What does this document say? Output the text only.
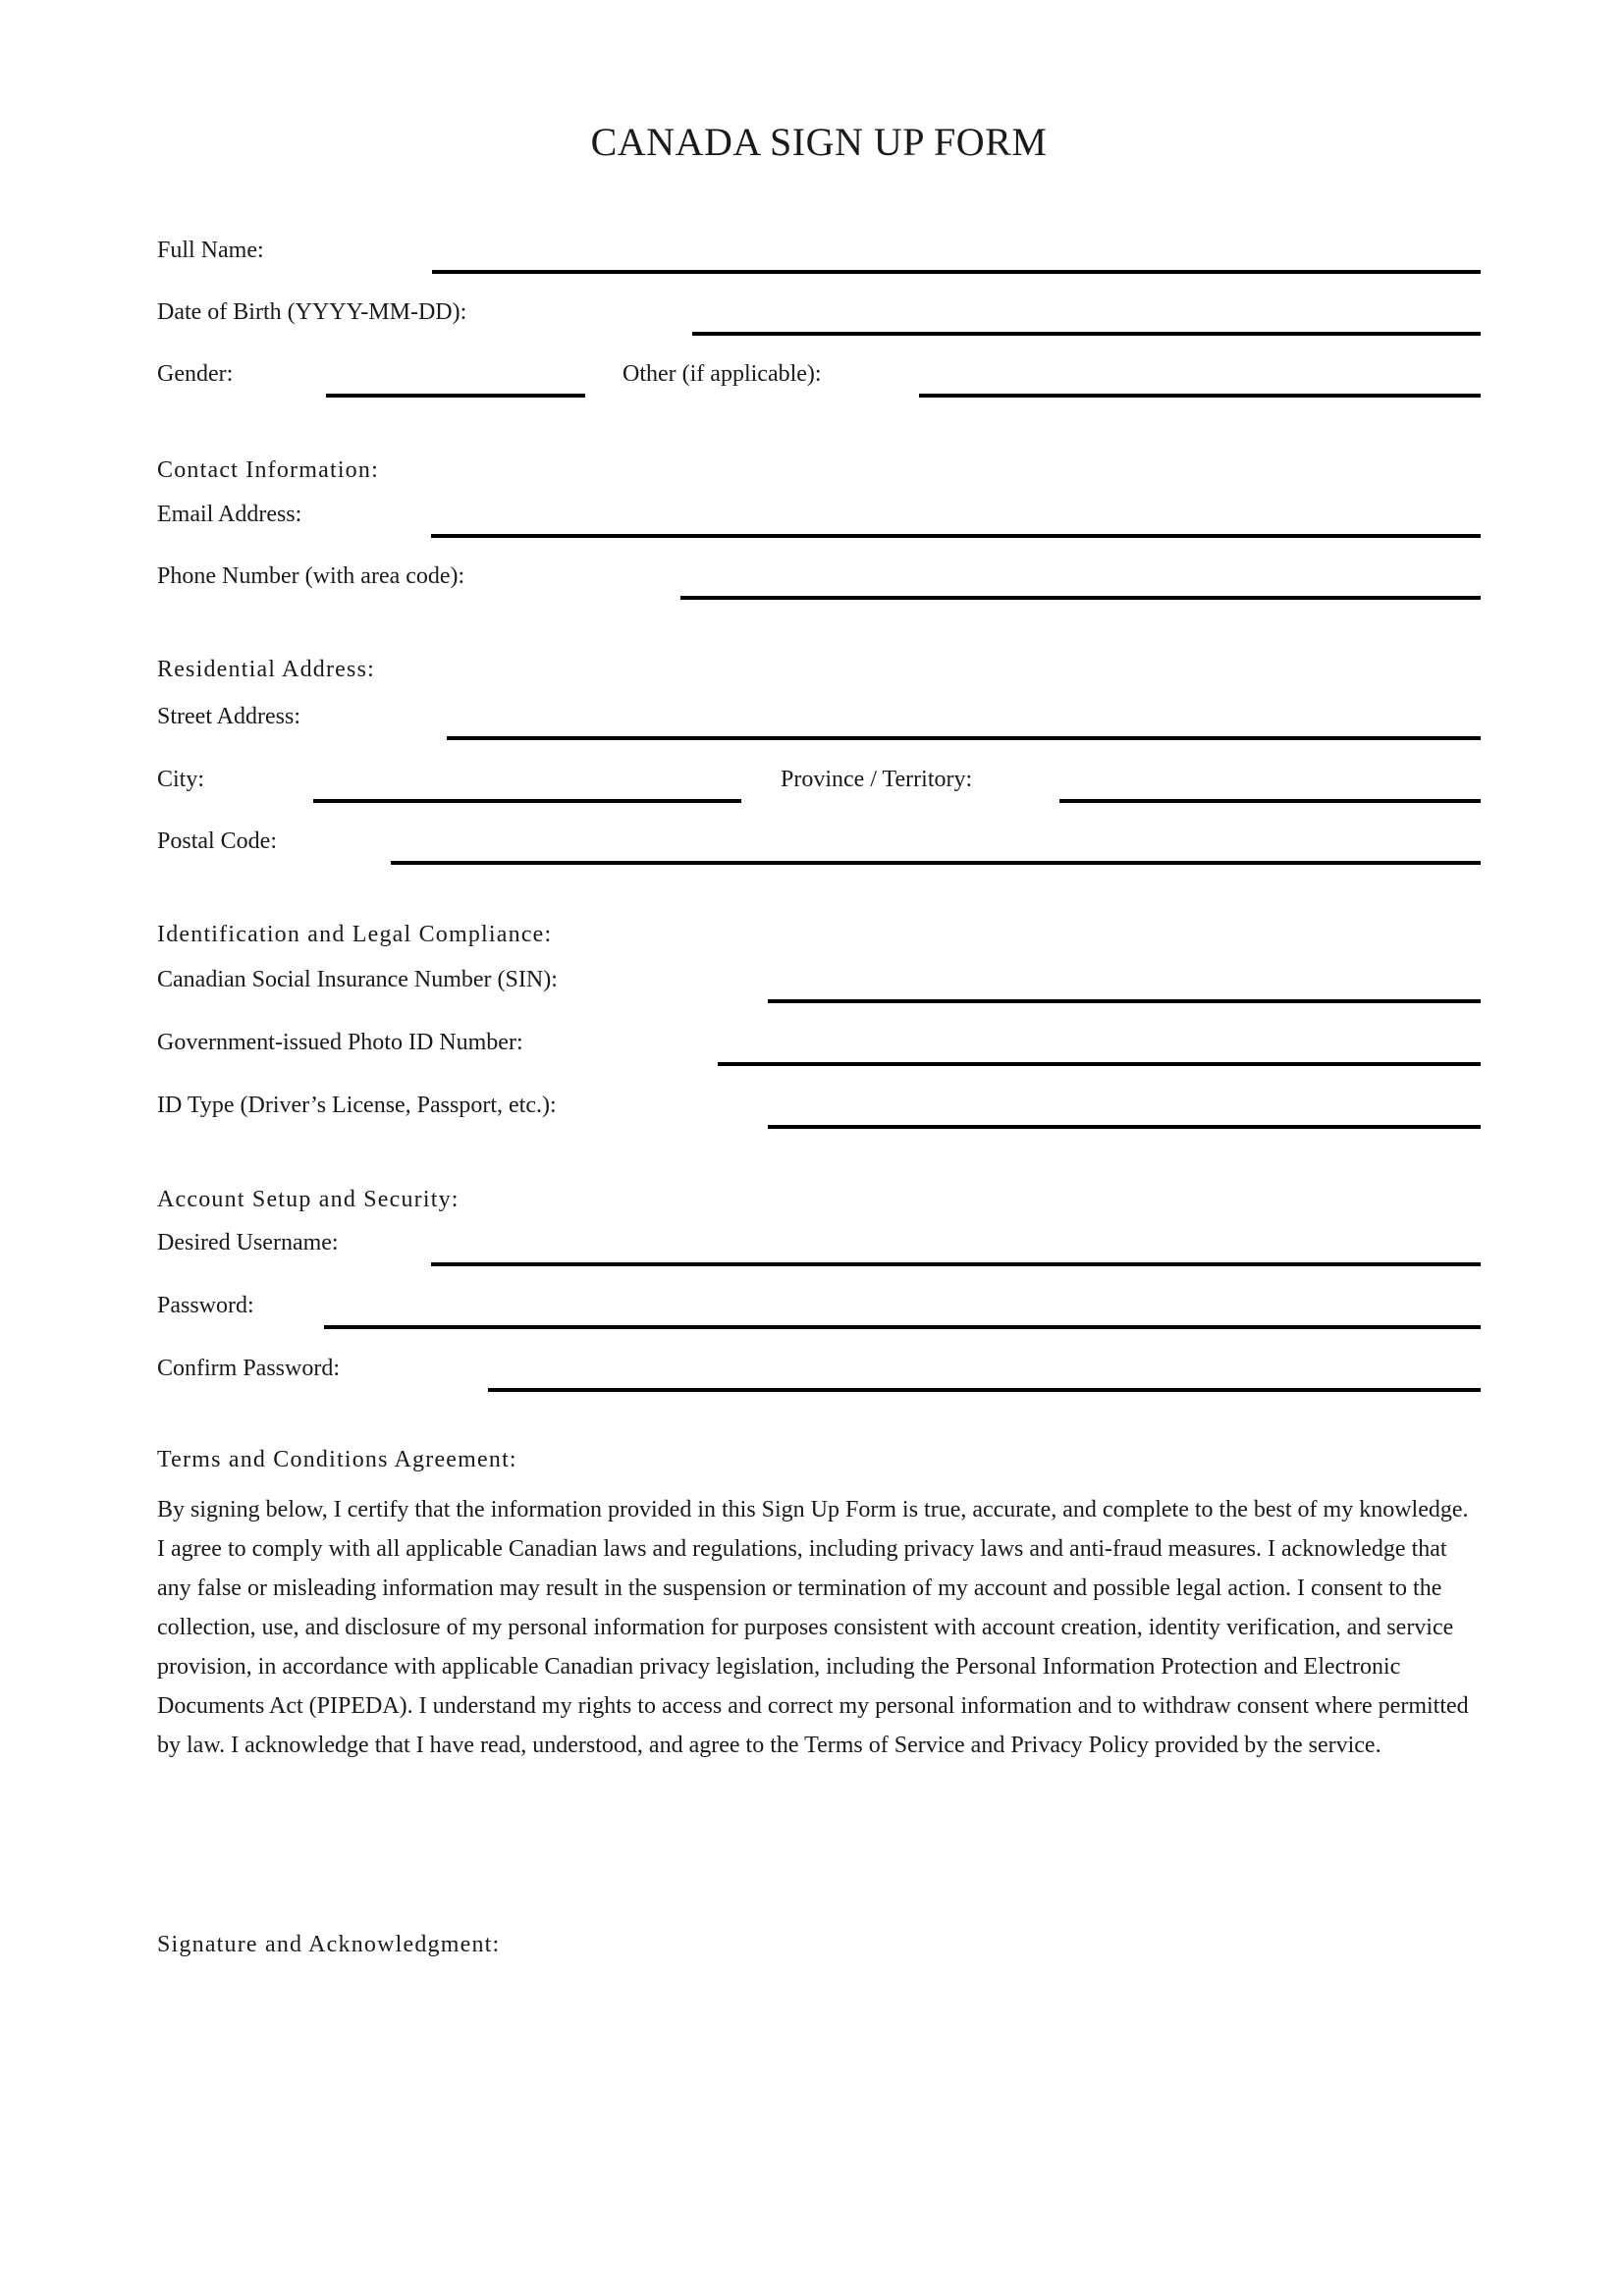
CANADA SIGN UP FORM
Full Name:
Date of Birth (YYYY-MM-DD):
Gender:	Other (if applicable):
Contact Information:
Email Address:
Phone Number (with area code):
Residential Address:
Street Address:
City:	Province / Territory:
Postal Code:
Identification and Legal Compliance:
Canadian Social Insurance Number (SIN):
Government-issued Photo ID Number:
ID Type (Driver’s License, Passport, etc.):
Account Setup and Security:
Desired Username:
Password:
Confirm Password:
Terms and Conditions Agreement:
By signing below, I certify that the information provided in this Sign Up Form is true, accurate, and complete to the best of my knowledge. I agree to comply with all applicable Canadian laws and regulations, including privacy laws and anti-fraud measures. I acknowledge that any false or misleading information may result in the suspension or termination of my account and possible legal action. I consent to the collection, use, and disclosure of my personal information for purposes consistent with account creation, identity verification, and service provision, in accordance with applicable Canadian privacy legislation, including the Personal Information Protection and Electronic Documents Act (PIPEDA). I understand my rights to access and correct my personal information and to withdraw consent where permitted by law. I acknowledge that I have read, understood, and agree to the Terms of Service and Privacy Policy provided by the service.
Signature and Acknowledgment:
